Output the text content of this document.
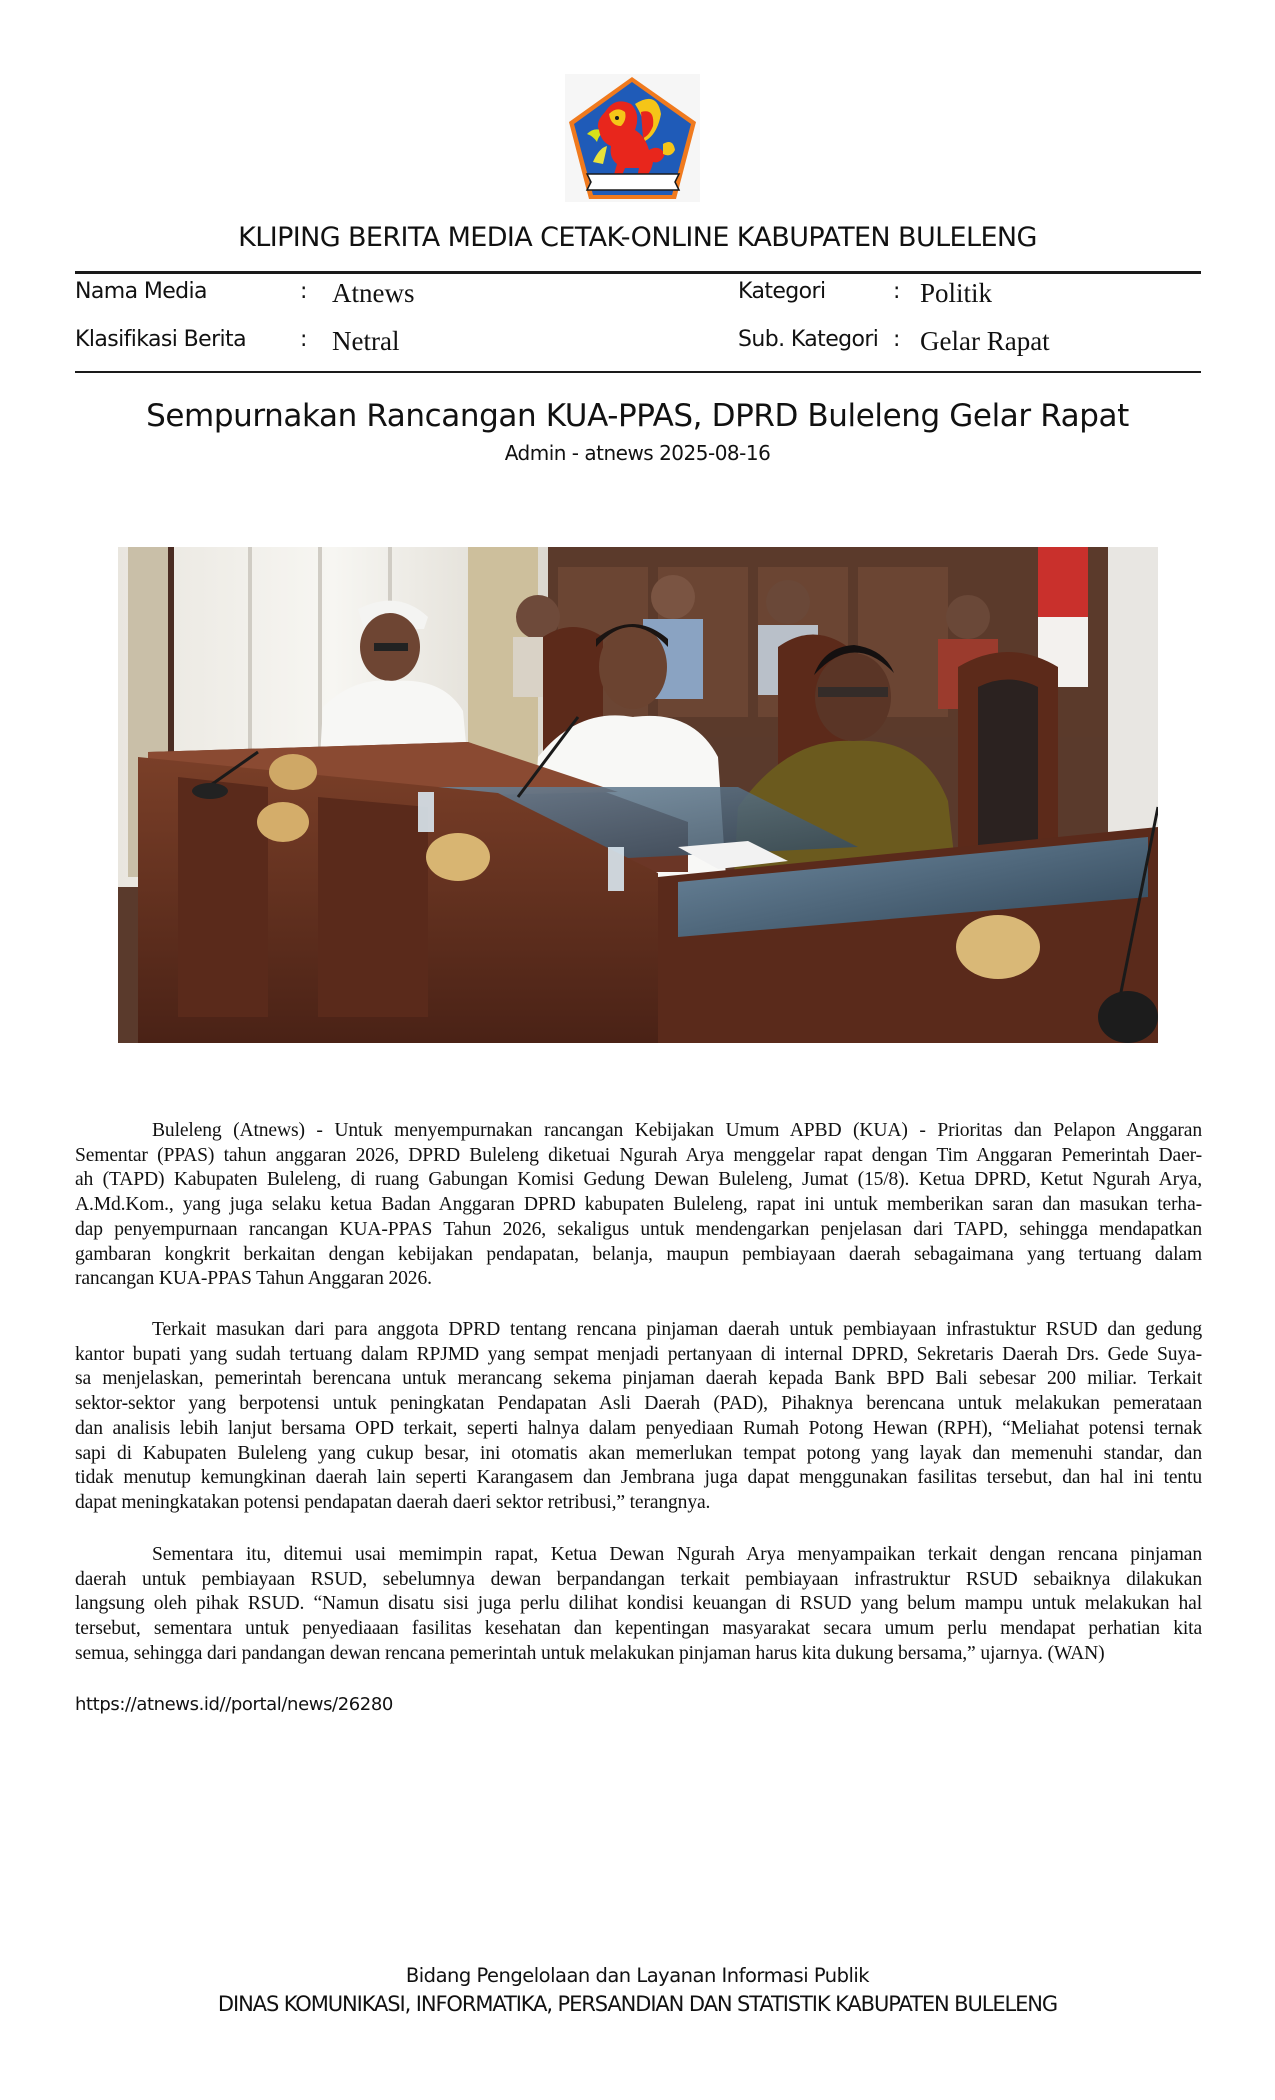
KLIPING BERITA MEDIA CETAK-ONLINE KABUPATEN BULELENG
Nama Media	: Atnews
Klasifikasi Berita : Netral
Kategori	: Politik
Sub. Kategori : Gelar Rapat
Sempurnakan Rancangan KUA-PPAS, DPRD Buleleng Gelar Rapat
Admin - atnews 2025-08-16
Buleleng (Atnews) - Untuk menyempurnakan rancangan Kebijakan Umum APBD (KUA) - Prioritas dan Pelapon Anggaran
Sementar (PPAS) tahun anggaran 2026, DPRD Buleleng diketuai Ngurah Arya menggelar rapat dengan Tim Anggaran Pemerintah Daer-
ah (TAPD) Kabupaten Buleleng, di ruang Gabungan Komisi Gedung Dewan Buleleng, Jumat (15/8). Ketua DPRD, Ketut Ngurah Arya,
A.Md.Kom., yang juga selaku ketua Badan Anggaran DPRD kabupaten Buleleng, rapat ini untuk memberikan saran dan masukan terha-
dap penyempurnaan rancangan KUA-PPAS Tahun 2026, sekaligus untuk mendengarkan penjelasan dari TAPD, sehingga mendapatkan
gambaran kongkrit berkaitan dengan kebijakan pendapatan, belanja, maupun pembiayaan daerah sebagaimana yang tertuang dalam
rancangan KUA-PPAS Tahun Anggaran 2026.
Terkait masukan dari para anggota DPRD tentang rencana pinjaman daerah untuk pembiayaan infrastuktur RSUD dan gedung
kantor bupati yang sudah tertuang dalam RPJMD yang sempat menjadi pertanyaan di internal DPRD, Sekretaris Daerah Drs. Gede Suya-
sa menjelaskan, pemerintah berencana untuk merancang sekema pinjaman daerah kepada Bank BPD Bali sebesar 200 miliar. Terkait
sektor-sektor yang berpotensi untuk peningkatan Pendapatan Asli Daerah (PAD), Pihaknya berencana untuk melakukan pemerataan
dan analisis lebih lanjut bersama OPD terkait, seperti halnya dalam penyediaan Rumah Potong Hewan (RPH), “Meliahat potensi ternak
sapi di Kabupaten Buleleng yang cukup besar, ini otomatis akan memerlukan tempat potong yang layak dan memenuhi standar, dan
tidak menutup kemungkinan daerah lain seperti Karangasem dan Jembrana juga dapat menggunakan fasilitas tersebut, dan hal ini tentu
dapat meningkatakan potensi pendapatan daerah daeri sektor retribusi,” terangnya.
Sementara itu, ditemui usai memimpin rapat, Ketua Dewan Ngurah Arya menyampaikan terkait dengan rencana pinjaman
daerah untuk pembiayaan RSUD, sebelumnya dewan berpandangan terkait pembiayaan infrastruktur RSUD sebaiknya dilakukan
langsung oleh pihak RSUD. “Namun disatu sisi juga perlu dilihat kondisi keuangan di RSUD yang belum mampu untuk melakukan hal
tersebut, sementara untuk penyediaaan fasilitas kesehatan dan kepentingan masyarakat secara umum perlu mendapat perhatian kita
semua, sehingga dari pandangan dewan rencana pemerintah untuk melakukan pinjaman harus kita dukung bersama,” ujarnya. (WAN)
https://atnews.id//portal/news/26280
Bidang Pengelolaan dan Layanan Informasi Publik
DINAS KOMUNIKASI, INFORMATIKA, PERSANDIAN DAN STATISTIK KABUPATEN BULELENG
